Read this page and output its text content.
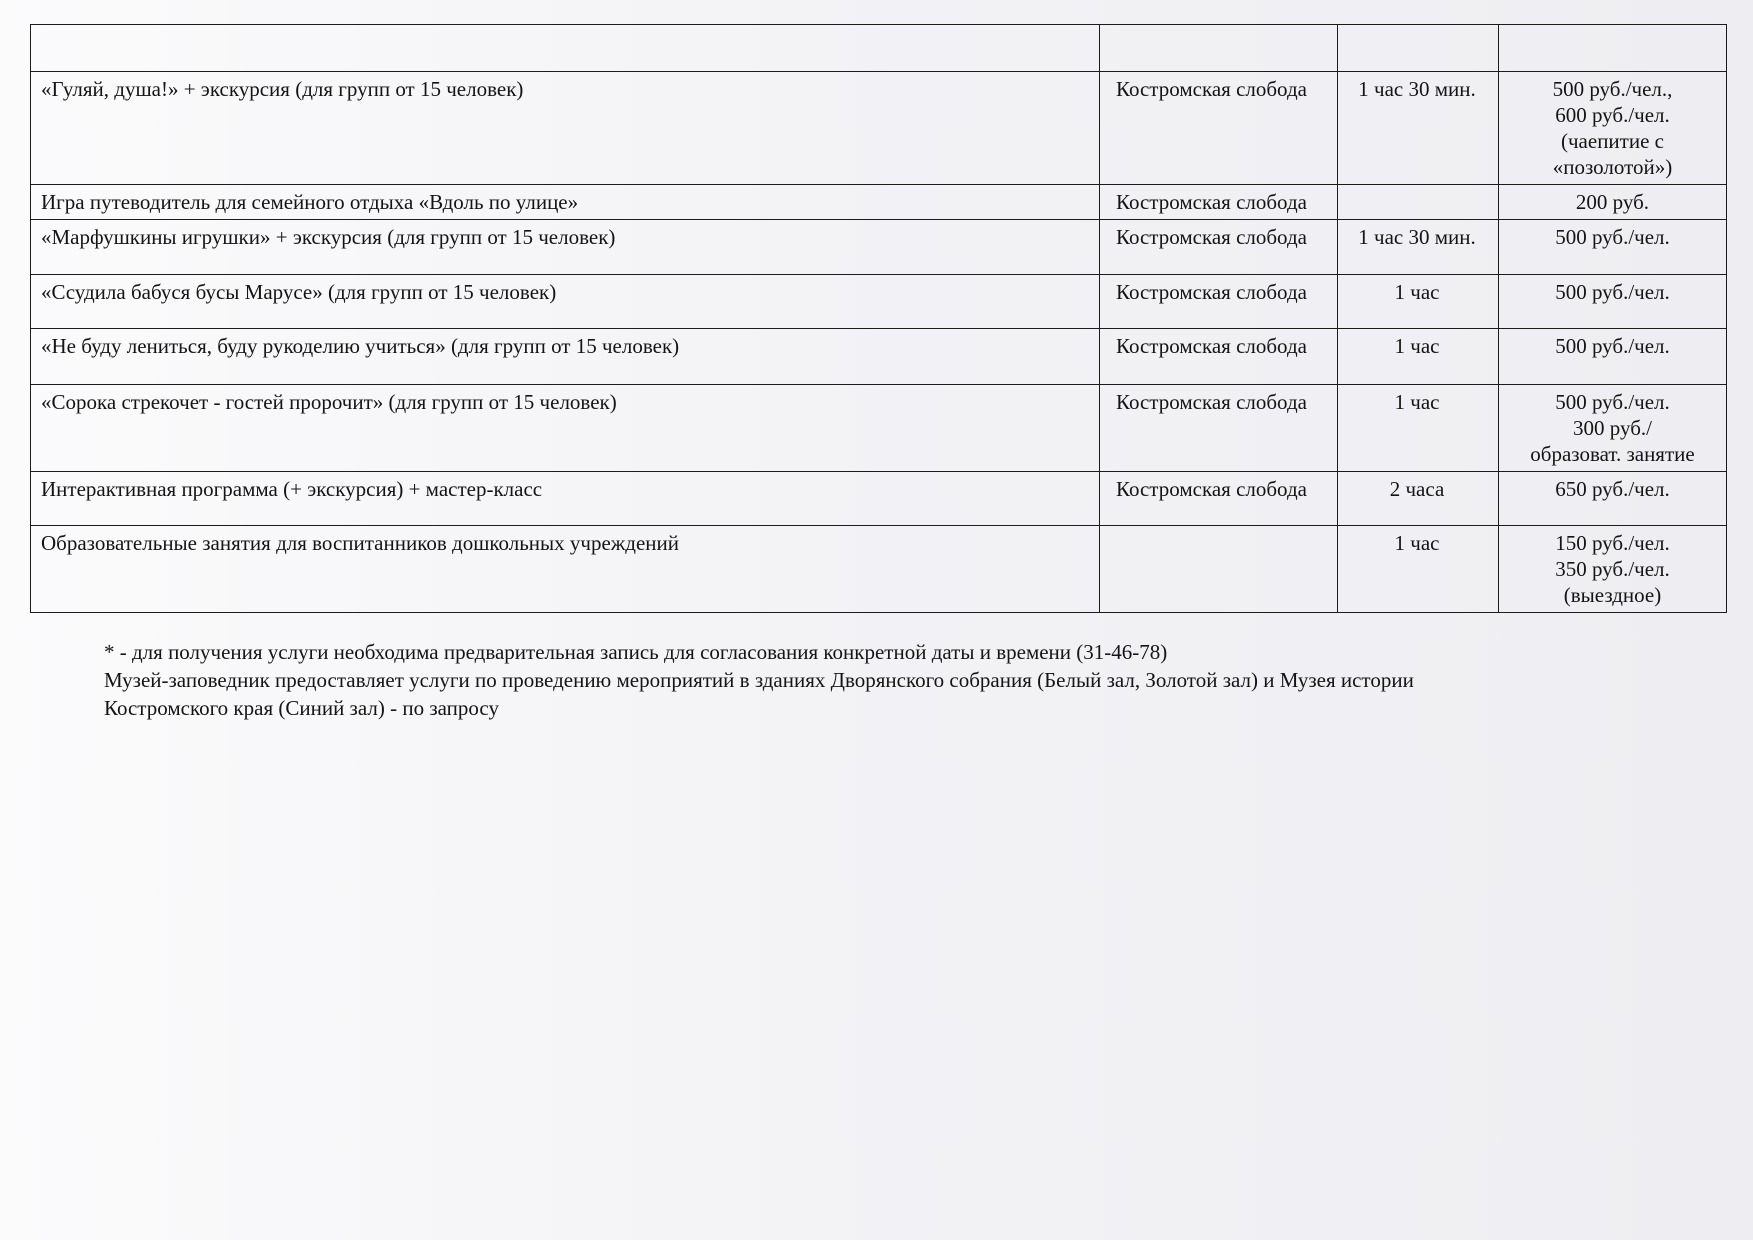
«Гуляй, душа!» + экскурсия (для групп от 15 человек)	Костромская слобода	1 час 30 мин.	500 руб./чел.,
600 руб./чел.
(чаепитие с
«позолотой»)

Игра путеводитель для семейного отдыха «Вдоль по улице»	Костромская слобода		200 руб.

«Марфушкины игрушки» + экскурсия (для групп от 15 человек)	Костромская слобода	1 час 30 мин.	500 руб./чел.

«Ссудила бабуся бусы Марусе» (для групп от 15 человек)	Костромская слобода	1 час	500 руб./чел.

«Не буду лениться, буду рукоделию учиться» (для групп от 15 человек)	Костромская слобода	1 час	500 руб./чел.

«Сорока стрекочет - гостей пророчит» (для групп от 15 человек)	Костромская слобода	1 час	500 руб./чел.
300 руб./
образоват. занятие

Интерактивная программа (+ экскурсия) + мастер-класс	Костромская слобода	2 часа	650 руб./чел.

Образовательные занятия для воспитанников дошкольных учреждений		1 час	150 руб./чел.
350 руб./чел.
(выездное)

* - для получения услуги необходима предварительная запись для согласования конкретной даты и времени (31-46-78)

Музей-заповедник предоставляет услуги по проведению мероприятий в зданиях Дворянского собрания (Белый зал, Золотой зал) и Музея истории

Костромского края (Синий зал) - по запросу
